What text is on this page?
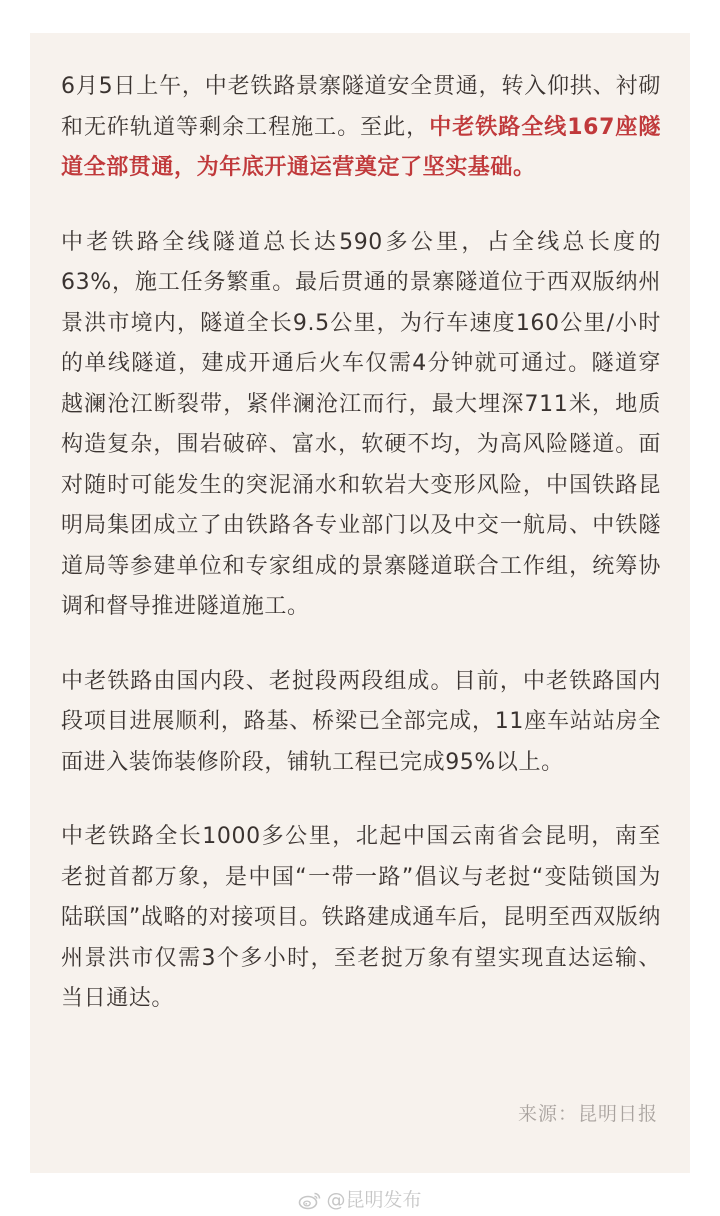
6月5日上午，中老铁路景寨隧道安全贯通，转入仰拱、衬砌和无砟轨道等剩余工程施工。至此，中老铁路全线167座隧道全部贯通，为年底开通运营奠定了坚实基础。

中老铁路全线隧道总长达590多公里，占全线总长度的63%，施工任务繁重。最后贯通的景寨隧道位于西双版纳州景洪市境内，隧道全长9.5公里，为行车速度160公里/小时的单线隧道，建成开通后火车仅需4分钟就可通过。隧道穿越澜沧江断裂带，紧伴澜沧江而行，最大埋深711米，地质构造复杂，围岩破碎、富水，软硬不均，为高风险隧道。面对随时可能发生的突泥涌水和软岩大变形风险，中国铁路昆明局集团成立了由铁路各专业部门以及中交一航局、中铁隧道局等参建单位和专家组成的景寨隧道联合工作组，统筹协调和督导推进隧道施工。

中老铁路由国内段、老挝段两段组成。目前，中老铁路国内段项目进展顺利，路基、桥梁已全部完成，11座车站站房全面进入装饰装修阶段，铺轨工程已完成95%以上。

中老铁路全长1000多公里，北起中国云南省会昆明，南至老挝首都万象，是中国“一带一路”倡议与老挝“变陆锁国为陆联国”战略的对接项目。铁路建成通车后，昆明至西双版纳州景洪市仅需3个多小时，至老挝万象有望实现直达运输、当日通达。

来源：昆明日报
@昆明发布
